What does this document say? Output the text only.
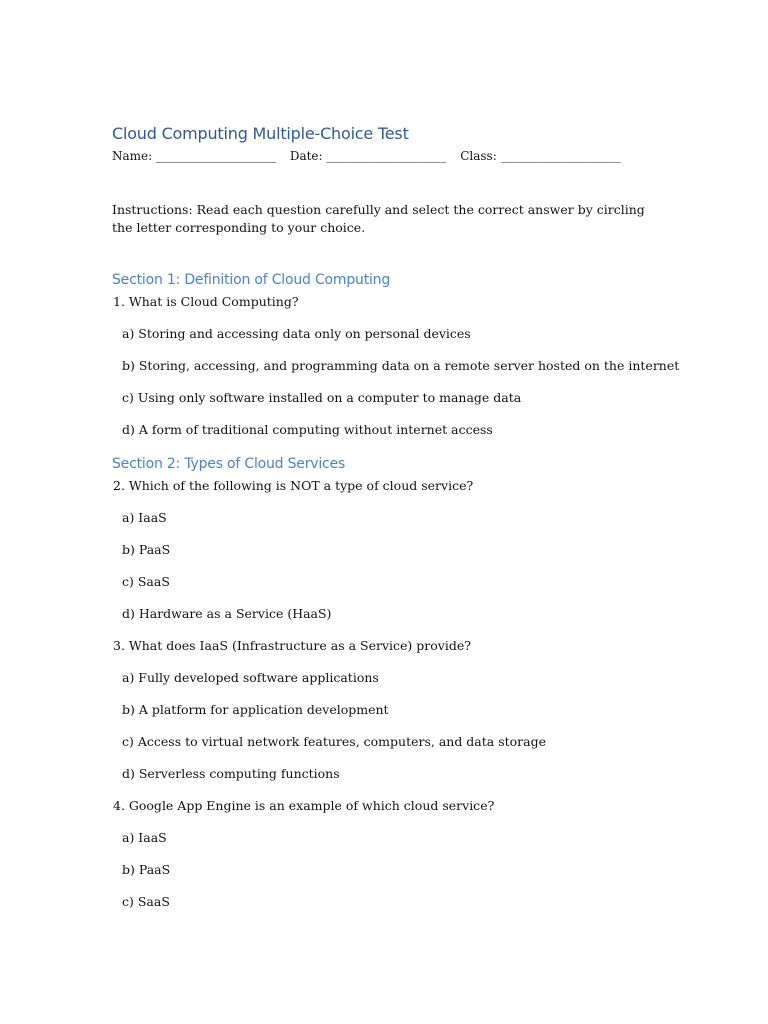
Cloud Computing Multiple-Choice Test
Name: ____________________ Date: ____________________ Class: ____________________
Instructions: Read each question carefully and select the correct answer by circling the letter corresponding to your choice.
Section 1: Definition of Cloud Computing
1. What is Cloud Computing?
a) Storing and accessing data only on personal devices
b) Storing, accessing, and programming data on a remote server hosted on the internet
c) Using only software installed on a computer to manage data
d) A form of traditional computing without internet access
Section 2: Types of Cloud Services
2. Which of the following is NOT a type of cloud service?
a) IaaS
b) PaaS
c) SaaS
d) Hardware as a Service (HaaS)
3. What does IaaS (Infrastructure as a Service) provide?
a) Fully developed software applications
b) A platform for application development
c) Access to virtual network features, computers, and data storage
d) Serverless computing functions
4. Google App Engine is an example of which cloud service?
a) IaaS
b) PaaS
c) SaaS
